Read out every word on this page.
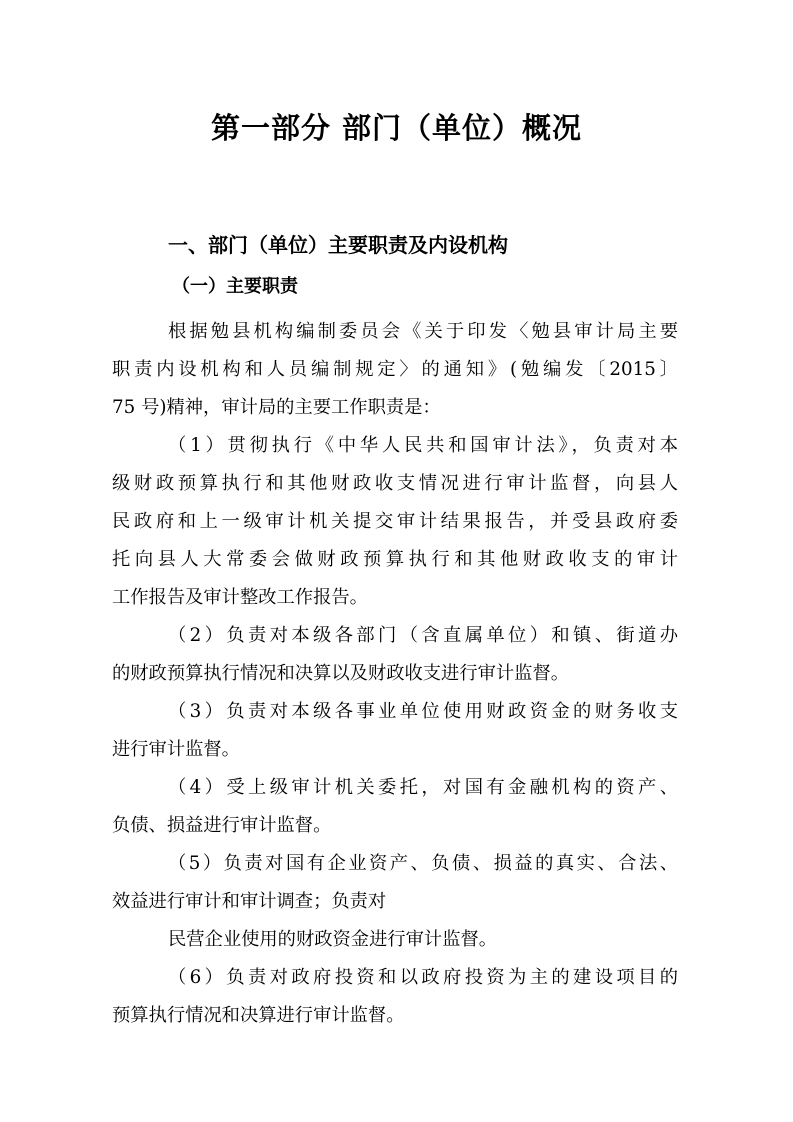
第一部分 部门（单位）概况
一、部门（单位）主要职责及内设机构
（一）主要职责

根据勉县机构编制委员会《关于印发〈勉县审计局主要

职责内设机构和人员编制规定〉的通知》(勉编发〔2015〕

75 号)精神，审计局的主要工作职责是：

（1）贯彻执行《中华人民共和国审计法》，负责对本

级财政预算执行和其他财政收支情况进行审计监督，向县人

民政府和上一级审计机关提交审计结果报告，并受县政府委

托向县人大常委会做财政预算执行和其他财政收支的审计

工作报告及审计整改工作报告。

（2）负责对本级各部门（含直属单位）和镇、街道办

的财政预算执行情况和决算以及财政收支进行审计监督。

（3）负责对本级各事业单位使用财政资金的财务收支

进行审计监督。

（4）受上级审计机关委托，对国有金融机构的资产、

负债、损益进行审计监督。

（5）负责对国有企业资产、负债、损益的真实、合法、

效益进行审计和审计调查；负责对

民营企业使用的财政资金进行审计监督。

（6）负责对政府投资和以政府投资为主的建设项目的

预算执行情况和决算进行审计监督。
